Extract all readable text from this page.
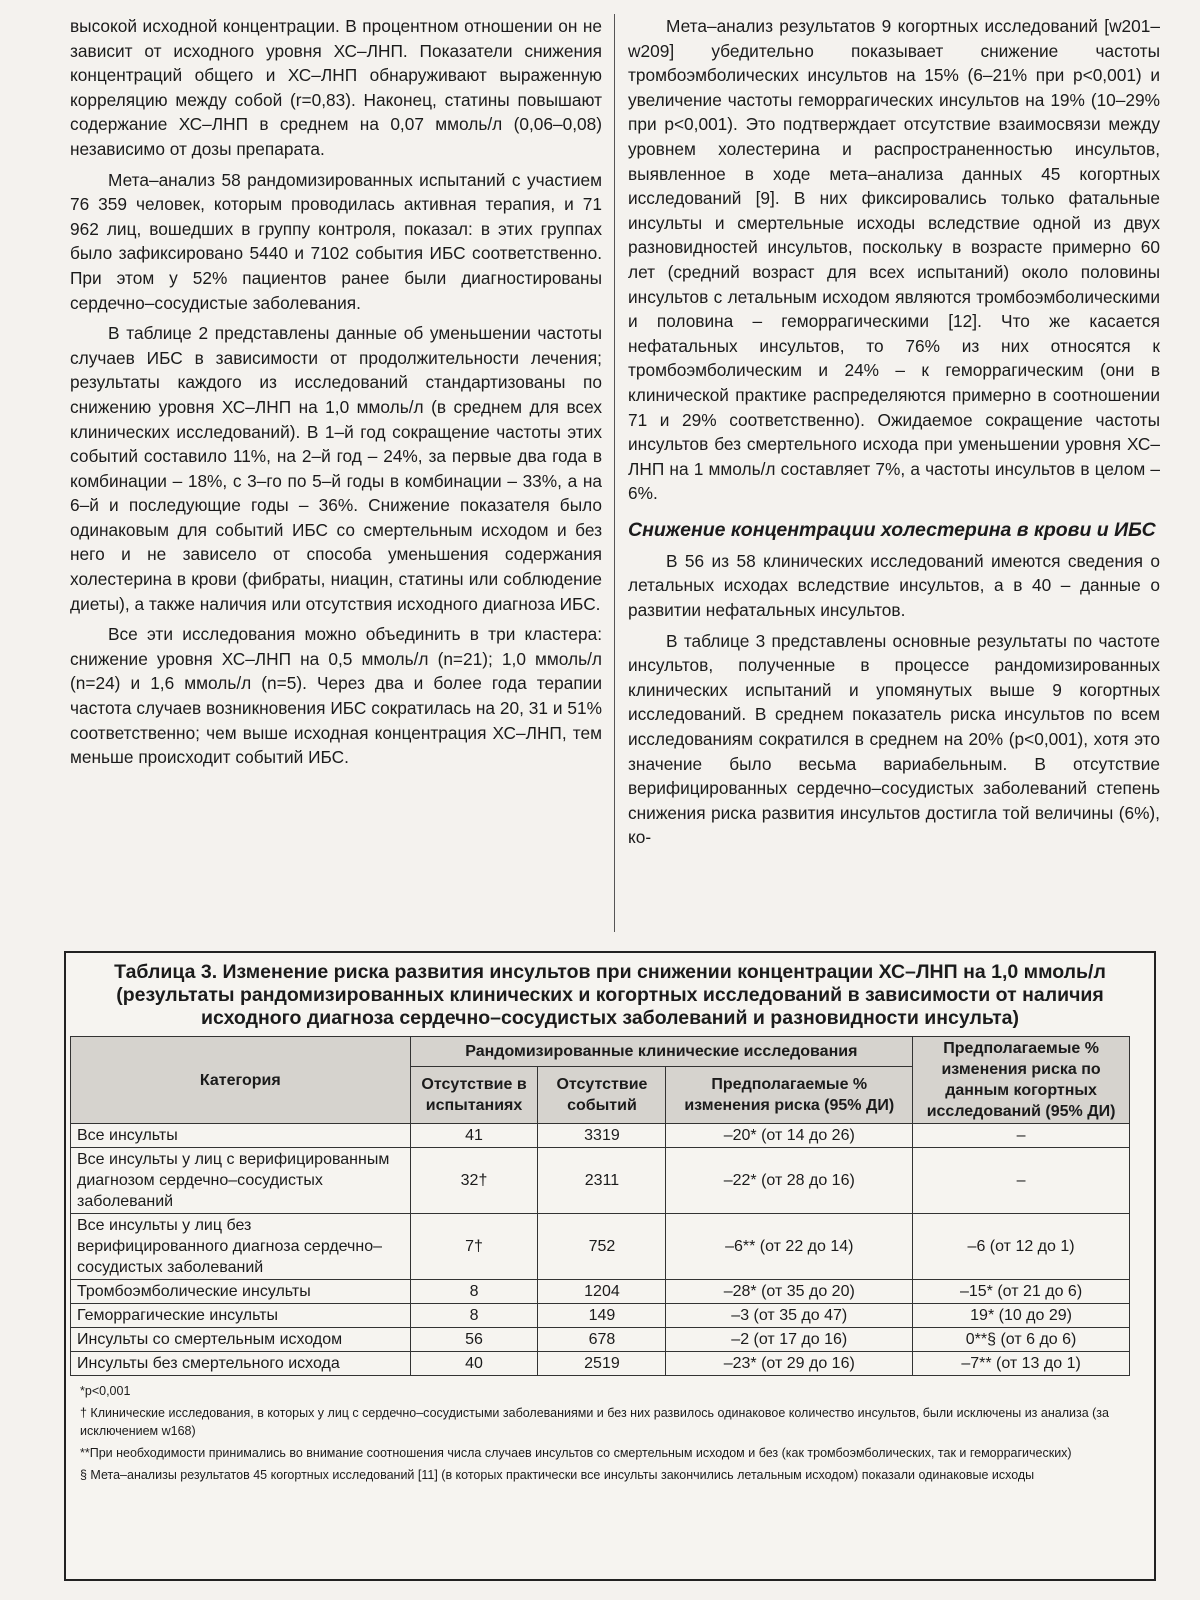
высокой исходной концентрации. В процентном отношении он не зависит от исходного уровня ХС–ЛНП. Показатели снижения концентраций общего и ХС–ЛНП обнаруживают выраженную корреляцию между собой (r=0,83). Наконец, статины повышают содержание ХС–ЛНП в среднем на 0,07 ммоль/л (0,06–0,08) независимо от дозы препарата.

Мета–анализ 58 рандомизированных испытаний с участием 76 359 человек, которым проводилась активная терапия, и 71 962 лиц, вошедших в группу контроля, показал: в этих группах было зафиксировано 5440 и 7102 события ИБС соответственно. При этом у 52% пациентов ранее были диагностированы сердечно–сосудистые заболевания.

В таблице 2 представлены данные об уменьшении частоты случаев ИБС в зависимости от продолжительности лечения; результаты каждого из исследований стандартизованы по снижению уровня ХС–ЛНП на 1,0 ммоль/л (в среднем для всех клинических исследований). В 1–й год сокращение частоты этих событий составило 11%, на 2–й год – 24%, за первые два года в комбинации – 18%, с 3–го по 5–й годы в комбинации – 33%, а на 6–й и последующие годы – 36%. Снижение показателя было одинаковым для событий ИБС со смертельным исходом и без него и не зависело от способа уменьшения содержания холестерина в крови (фибраты, ниацин, статины или соблюдение диеты), а также наличия или отсутствия исходного диагноза ИБС.

Все эти исследования можно объединить в три кластера: снижение уровня ХС–ЛНП на 0,5 ммоль/л (n=21); 1,0 ммоль/л (n=24) и 1,6 ммоль/л (n=5). Через два и более года терапии частота случаев возникновения ИБС сократилась на 20, 31 и 51% соответственно; чем выше исходная концентрация ХС–ЛНП, тем меньше происходит событий ИБС.

Мета–анализ результатов 9 когортных исследований [w201–w209] убедительно показывает снижение частоты тромбоэмболических инсультов на 15% (6–21% при p<0,001) и увеличение частоты геморрагических инсультов на 19% (10–29% при p<0,001). Это подтверждает отсутствие взаимосвязи между уровнем холестерина и распространенностью инсультов, выявленное в ходе мета–анализа данных 45 когортных исследований [9]. В них фиксировались только фатальные инсульты и смертельные исходы вследствие одной из двух разновидностей инсультов, поскольку в возрасте примерно 60 лет (средний возраст для всех испытаний) около половины инсультов с летальным исходом являются тромбоэмболическими и половина – геморрагическими [12]. Что же касается нефатальных инсультов, то 76% из них относятся к тромбоэмболическим и 24% – к геморрагическим (они в клинической практике распределяются примерно в соотношении 71 и 29% соответственно). Ожидаемое сокращение частоты инсультов без смертельного исхода при уменьшении уровня ХС–ЛНП на 1 ммоль/л составляет 7%, а частоты инсультов в целом – 6%.

Снижение концентрации холестерина в крови и ИБС

В 56 из 58 клинических исследований имеются сведения о летальных исходах вследствие инсультов, а в 40 – данные о развитии нефатальных инсультов.

В таблице 3 представлены основные результаты по частоте инсультов, полученные в процессе рандомизированных клинических испытаний и упомянутых выше 9 когортных исследований. В среднем показатель риска инсультов по всем исследованиям сократился в среднем на 20% (p<0,001), хотя это значение было весьма вариабельным. В отсутствие верифицированных сердечно–сосудистых заболеваний степень снижения риска развития инсультов достигла той величины (6%), ко-

Таблица 3. Изменение риска развития инсультов при снижении концентрации ХС–ЛНП на 1,0 ммоль/л (результаты рандомизированных клинических и когортных исследований в зависимости от наличия исходного диагноза сердечно–сосудистых заболеваний и разновидности инсульта)
Категория	Рандомизированные клинические исследования			Предполагаемые % изменения риска по данным когортных исследований (95% ДИ)
	Отсутствие в испытаниях	Отсутствие событий	Предполагаемые % изменения риска (95% ДИ)	
Все инсульты	41	3319	–20* (от 14 до 26)	–
Все инсульты у лиц с верифицированным диагнозом сердечно–сосудистых заболеваний	32†	2311	–22* (от 28 до 16)	–
Все инсульты у лиц без верифицированного диагноза сердечно–сосудистых заболеваний	7†	752	–6** (от 22 до 14)	–6 (от 12 до 1)
Тромбоэмболические инсульты	8	1204	–28* (от 35 до 20)	–15* (от 21 до 6)
Геморрагические инсульты	8	149	–3 (от 35 до 47)	19* (10 до 29)
Инсульты со смертельным исходом	56	678	–2 (от 17 до 16)	0**§ (от 6 до 6)
Инсульты без смертельного исхода	40	2519	–23* (от 29 до 16)	–7** (от 13 до 1)
*p<0,001
† Клинические исследования, в которых у лиц с сердечно–сосудистыми заболеваниями и без них развилось одинаковое количество инсультов, были исключены из анализа (за исключением w168)
**При необходимости принимались во внимание соотношения числа случаев инсультов со смертельным исходом и без (как тромбоэмболических, так и геморрагических)
§ Мета–анализы результатов 45 когортных исследований [11] (в которых практически все инсульты закончились летальным исходом) показали одинаковые исходы
